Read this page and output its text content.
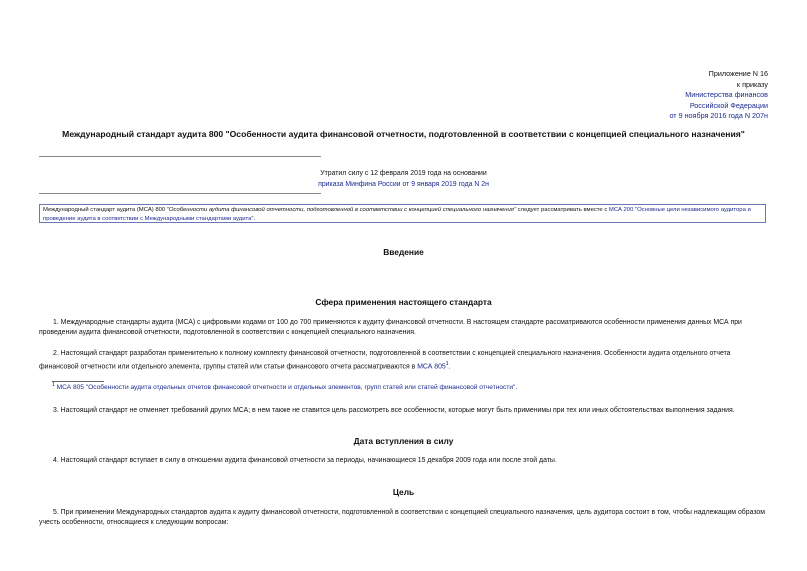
Приложение N 16
к приказу
Министерства финансов
Российской Федерации
от 9 ноября 2016 года N 207н
Международный стандарт аудита 800 "Особенности аудита финансовой отчетности, подготовленной в соответствии с концепцией специального назначения"
Утратил силу с 12 февраля 2019 года на основании
приказа Минфина России от 9 января 2019 года N 2н
Международный стандарт аудита (МСА) 800 "Особенности аудита финансовой отчетности, подготовленной в соответствии с концепцией специального назначения" следует рассматривать вместе с МСА 200 "Основные цели независимого аудитора и проведение аудита в соответствии с Международными стандартами аудита".
Введение
Сфера применения настоящего стандарта
1. Международные стандарты аудита (МСА) с цифровыми кодами от 100 до 700 применяются к аудиту финансовой отчетности. В настоящем стандарте рассматриваются особенности применения данных МСА при проведении аудита финансовой отчетности, подготовленной в соответствии с концепцией специального назначения.
2. Настоящий стандарт разработан применительно к полному комплекту финансовой отчетности, подготовленной в соответствии с концепцией специального назначения. Особенности аудита отдельного отчета финансовой отчетности или отдельного элемента, группы статей или статьи финансового отчета рассматриваются в МСА 805$^1$.
$^1$ МСА 805 "Особенности аудита отдельных отчетов финансовой отчетности и отдельных элементов, групп статей или статей финансовой отчетности".
3. Настоящий стандарт не отменяет требований других МСА; в нем также не ставится цель рассмотреть все особенности, которые могут быть применимы при тех или иных обстоятельствах выполнения задания.
Дата вступления в силу
4. Настоящий стандарт вступает в силу в отношении аудита финансовой отчетности за периоды, начинающиеся 15 декабря 2009 года или после этой даты.
Цель
5. При применении Международных стандартов аудита к аудиту финансовой отчетности, подготовленной в соответствии с концепцией специального назначения, цель аудитора состоит в том, чтобы надлежащим образом учесть особенности, относящиеся к следующим вопросам:
